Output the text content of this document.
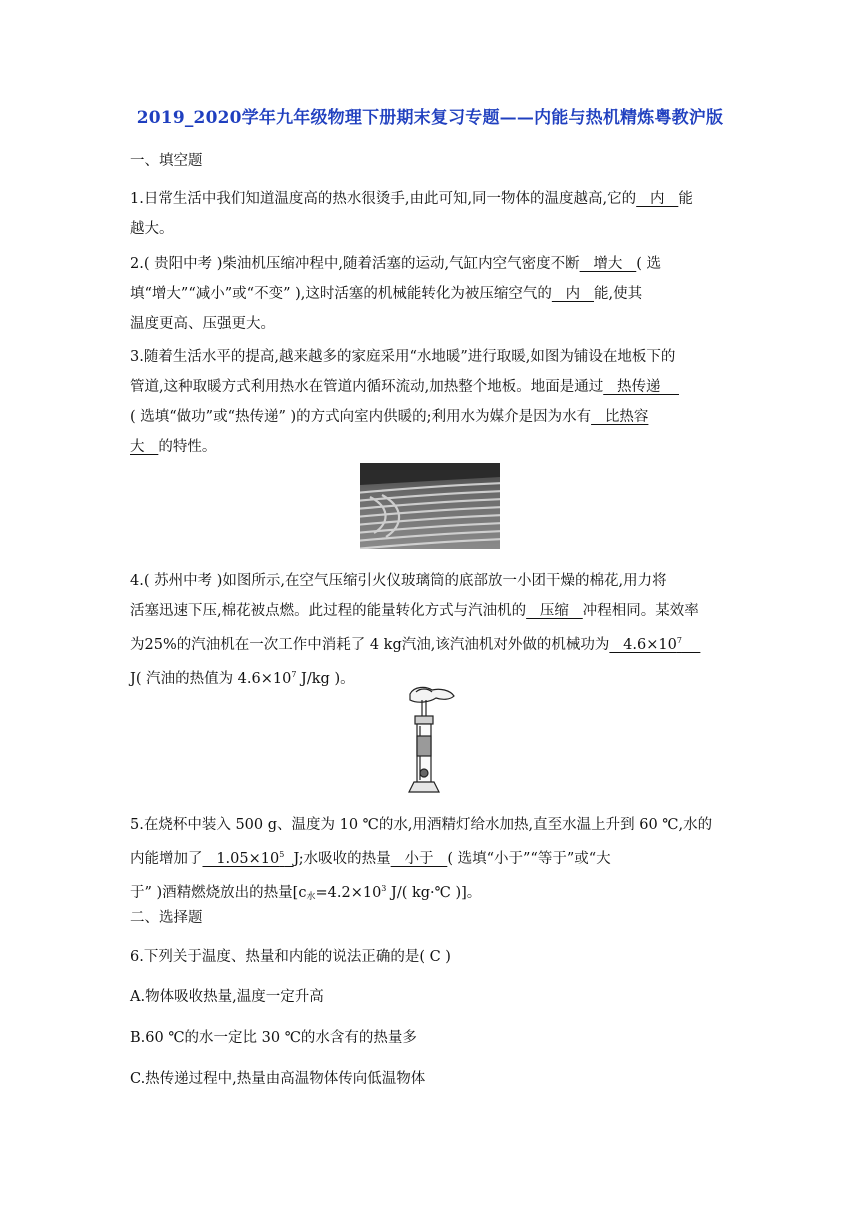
2019_2020学年九年级物理下册期末复习专题——内能与热机精炼粤教沪版
一、填空题
1.日常生活中我们知道温度高的热水很烫手,由此可知,同一物体的温度越高,它的   内   能
越大。
2.( 贵阳中考 )柴油机压缩冲程中,随着活塞的运动,气缸内空气密度不断   增大   ( 选
填“增大”“减小”或“不变” ),这时活塞的机械能转化为被压缩空气的   内   能,使其
温度更高、压强更大。
3.随着生活水平的提高,越来越多的家庭采用“水地暖”进行取暖,如图为铺设在地板下的
管道,这种取暖方式利用热水在管道内循环流动,加热整个地板。地面是通过   热传递
( 选填“做功”或“热传递” )的方式向室内供暖的;利用水为媒介是因为水有   比热容
大   的特性。
4.( 苏州中考 )如图所示,在空气压缩引火仪玻璃筒的底部放一小团干燥的棉花,用力将
活塞迅速下压,棉花被点燃。此过程的能量转化方式与汽油机的   压缩   冲程相同。某效率
为25%的汽油机在一次工作中消耗了 4 kg汽油,该汽油机对外做的机械功为   $4.6\times 10^7$
J( 汽油的热值为 $4.6\times 10^7$ J/kg )。
5.在烧杯中装入 500 g、温度为 10 ℃的水,用酒精灯给水加热,直至水温上升到 60 ℃,水的
内能增加了   $1.05\times 10^5$ J;水吸收的热量   小于   ( 选填“小于”“等于”或“大
于” )酒精燃烧放出的热量[$c_水=4.2\times 10^3$ J/( kg·℃ )]。
二、选择题
6.下列关于温度、热量和内能的说法正确的是( C )
A.物体吸收热量,温度一定升高
B.60 ℃的水一定比 30 ℃的水含有的热量多
C.热传递过程中,热量由高温物体传向低温物体
